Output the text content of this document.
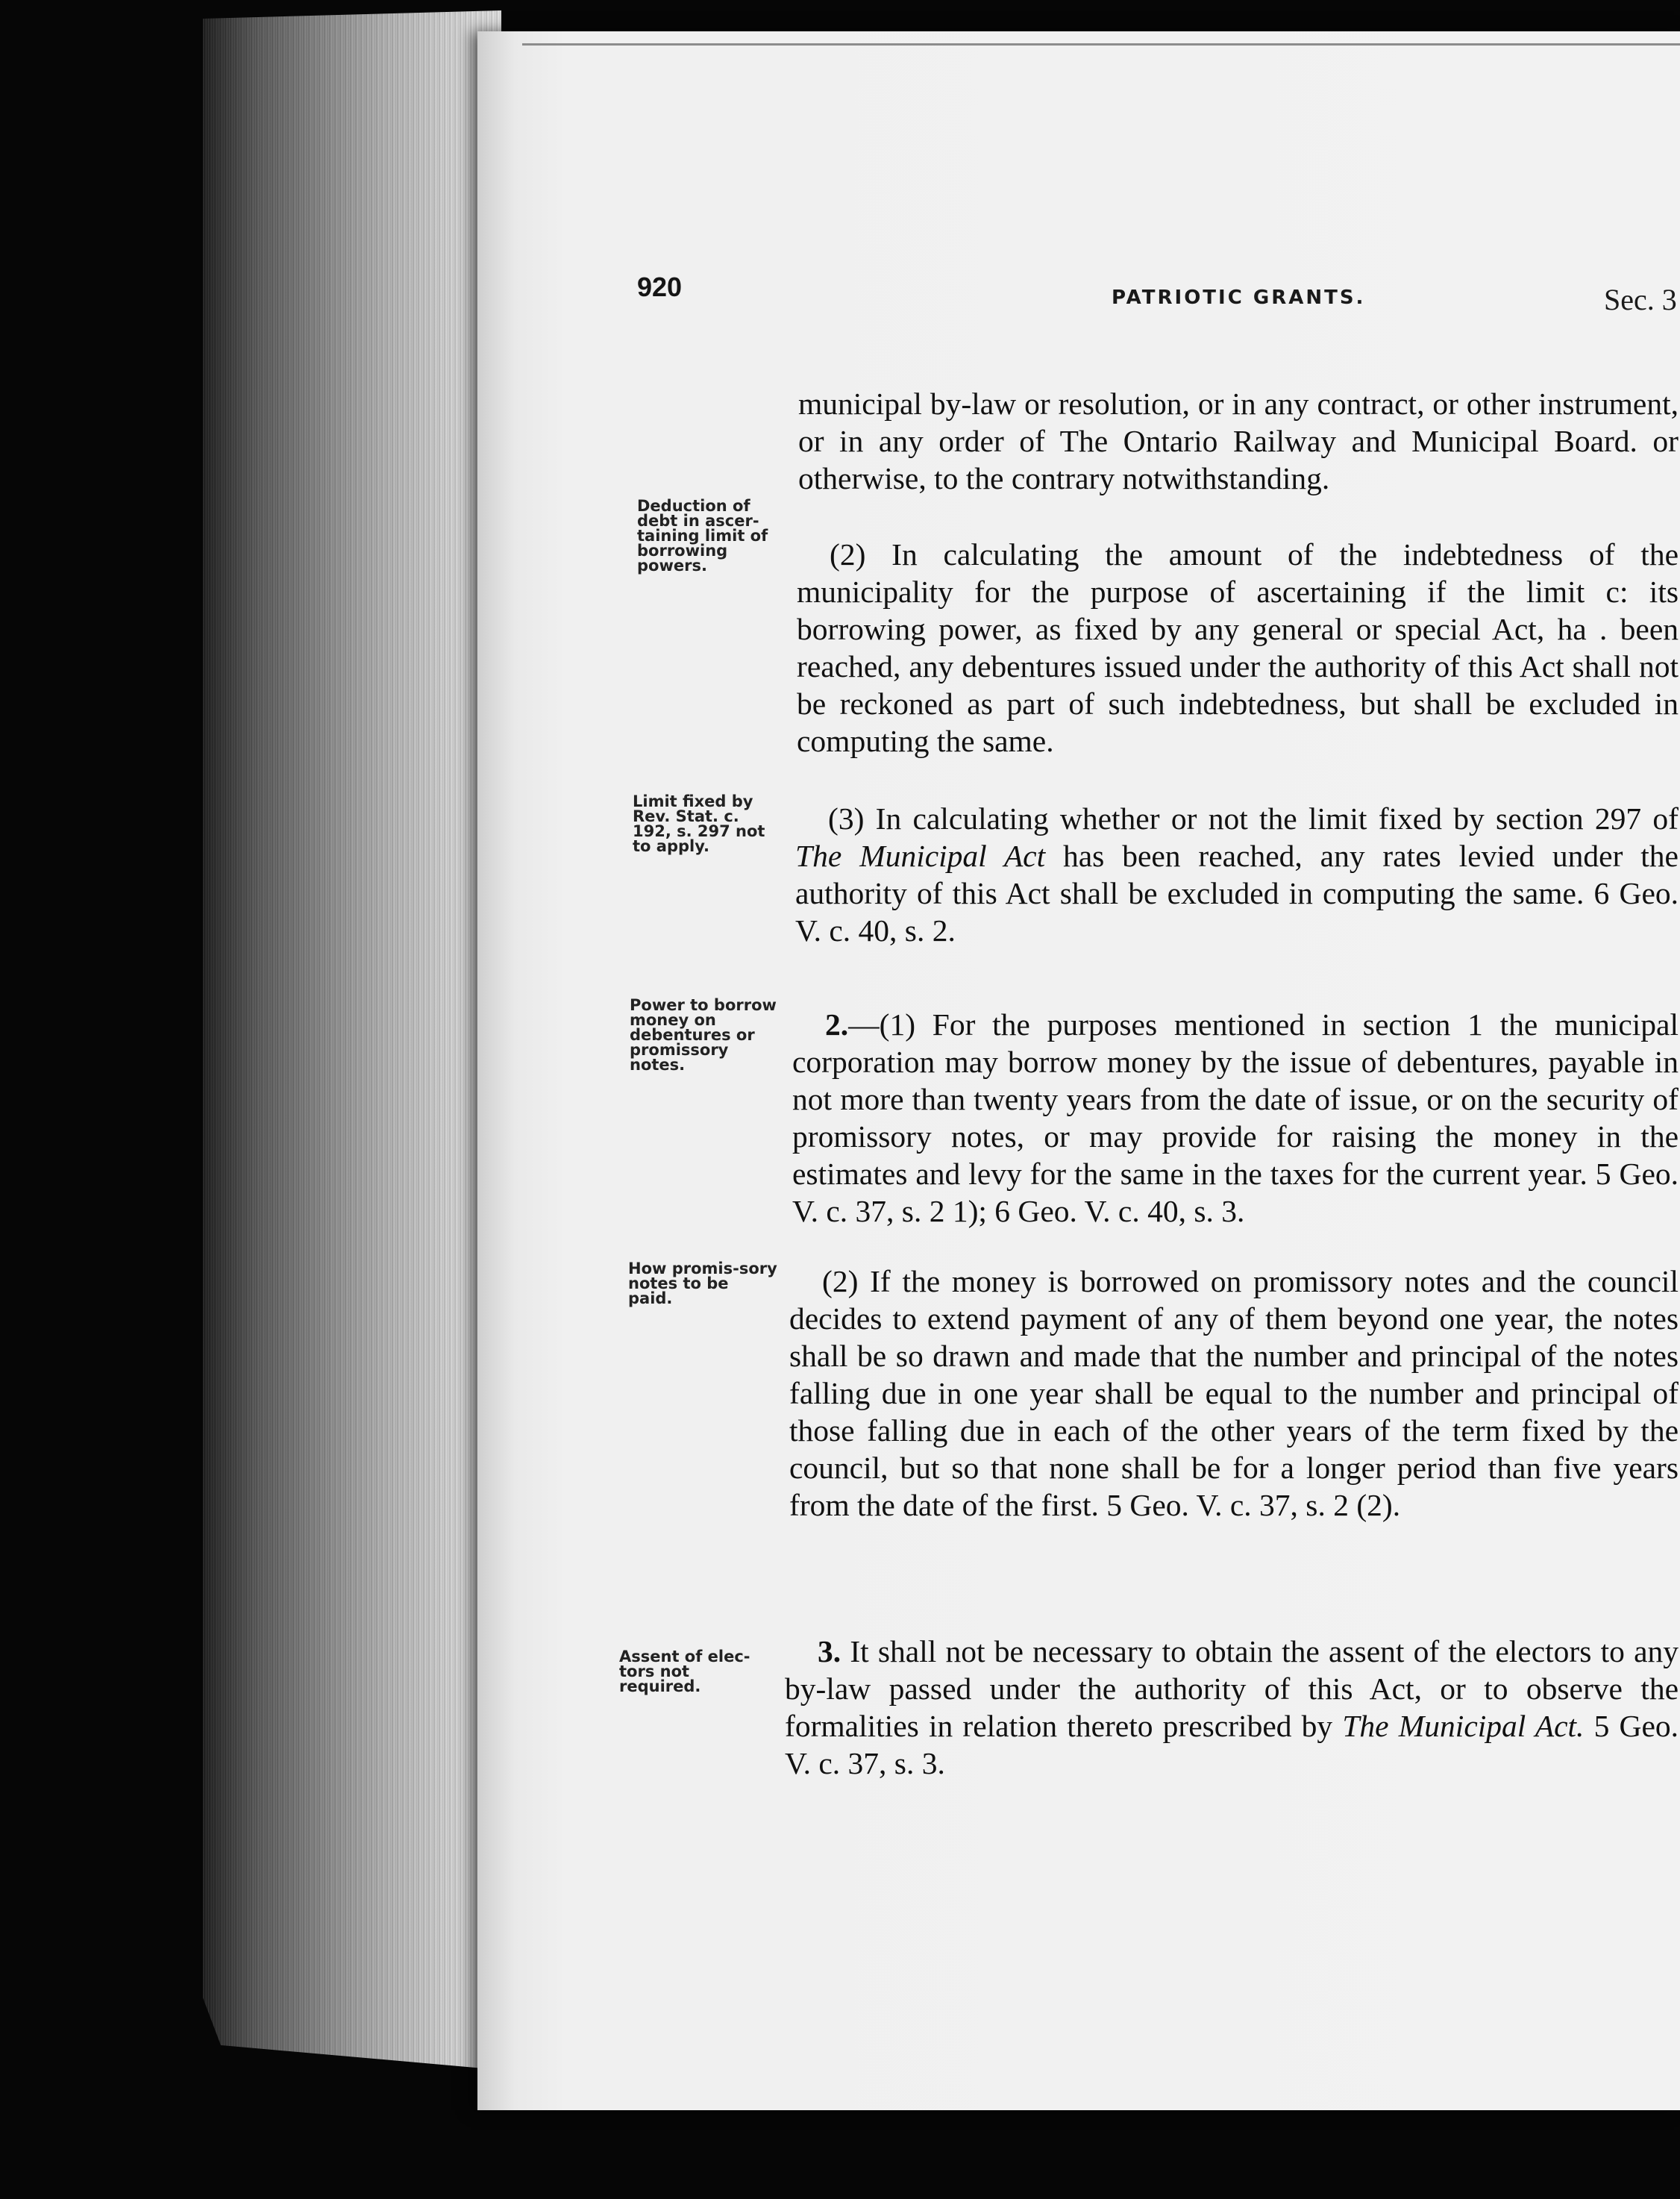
920	PATRIOTIC GRANTS.	Sec. 3
Deduction of debt in ascer-taining limit of borrowing powers.
Limit fixed by Rev. Stat. c. 192, s. 297 not to apply.
Power to borrow money on debentures or promissory notes.
How promis-sory notes to be paid.
Assent of elec-tors not required.
municipal by-law or resolution, or in any contract, or other instrument, or in any order of The Ontario Railway and Municipal Board. or otherwise, to the contrary notwithstanding.
(2) In calculating the amount of the indebtedness of the municipality for the purpose of ascertaining if the limit c: its borrowing power, as fixed by any general or special Act, ha . been reached, any debentures issued under the authority of this Act shall not be reckoned as part of such indebtedness, but shall be excluded in computing the same.
(3) In calculating whether or not the limit fixed by section 297 of The Municipal Act has been reached, any rates levied under the authority of this Act shall be excluded in computing the same. 6 Geo. V. c. 40, s. 2.
2.—(1) For the purposes mentioned in section 1 the municipal corporation may borrow money by the issue of debentures, payable in not more than twenty years from the date of issue, or on the security of promissory notes, or may provide for raising the money in the estimates and levy for the same in the taxes for the current year. 5 Geo. V. c. 37, s. 2 1); 6 Geo. V. c. 40, s. 3.
(2) If the money is borrowed on promissory notes and the council decides to extend payment of any of them beyond one year, the notes shall be so drawn and made that the number and principal of the notes falling due in one year shall be equal to the number and principal of those falling due in each of the other years of the term fixed by the council, but so that none shall be for a longer period than five years from the date of the first. 5 Geo. V. c. 37, s. 2 (2).
3. It shall not be necessary to obtain the assent of the electors to any by-law passed under the authority of this Act, or to observe the formalities in relation thereto prescribed by The Municipal Act. 5 Geo. V. c. 37, s. 3.
